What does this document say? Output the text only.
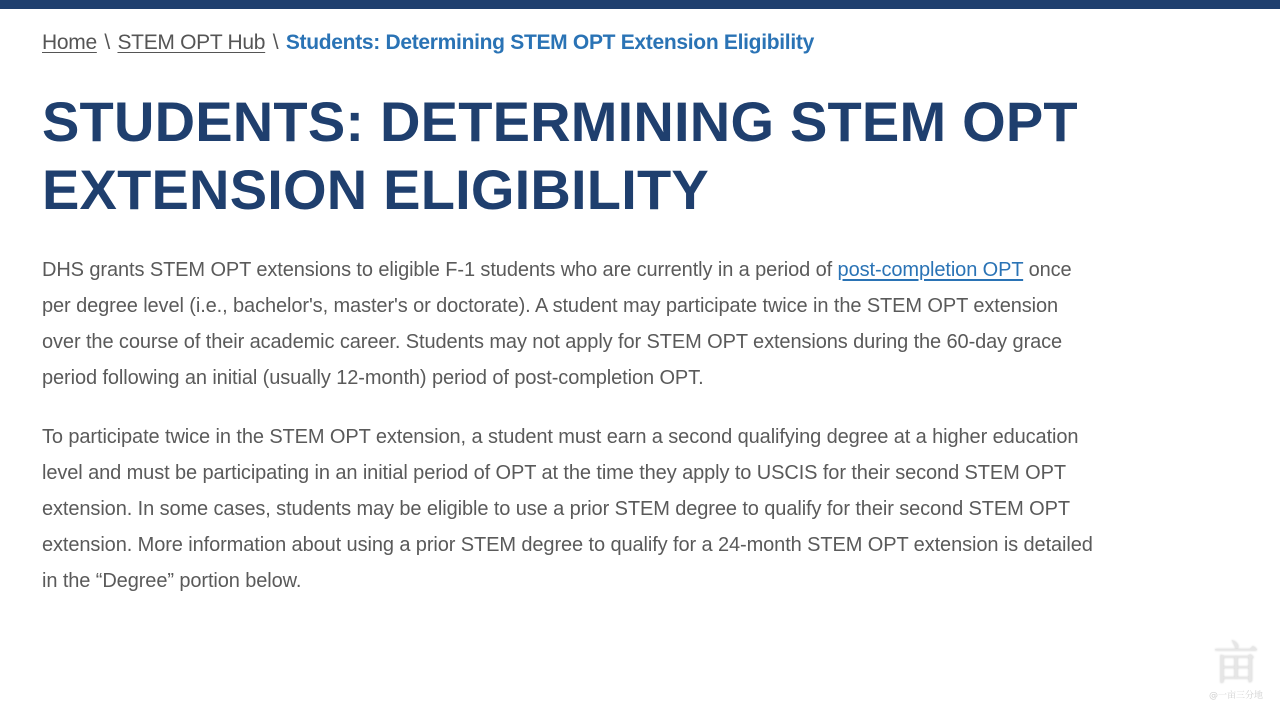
Home \ STEM OPT Hub \ Students: Determining STEM OPT Extension Eligibility
STUDENTS: DETERMINING STEM OPT EXTENSION ELIGIBILITY

DHS grants STEM OPT extensions to eligible F-1 students who are currently in a period of post-completion OPT once per degree level (i.e., bachelor's, master's or doctorate). A student may participate twice in the STEM OPT extension over the course of their academic career. Students may not apply for STEM OPT extensions during the 60-day grace period following an initial (usually 12-month) period of post-completion OPT.

To participate twice in the STEM OPT extension, a student must earn a second qualifying degree at a higher education level and must be participating in an initial period of OPT at the time they apply to USCIS for their second STEM OPT extension. In some cases, students may be eligible to use a prior STEM degree to qualify for their second STEM OPT extension. More information about using a prior STEM degree to qualify for a 24-month STEM OPT extension is detailed in the “Degree” portion below.

亩
@一亩三分地
